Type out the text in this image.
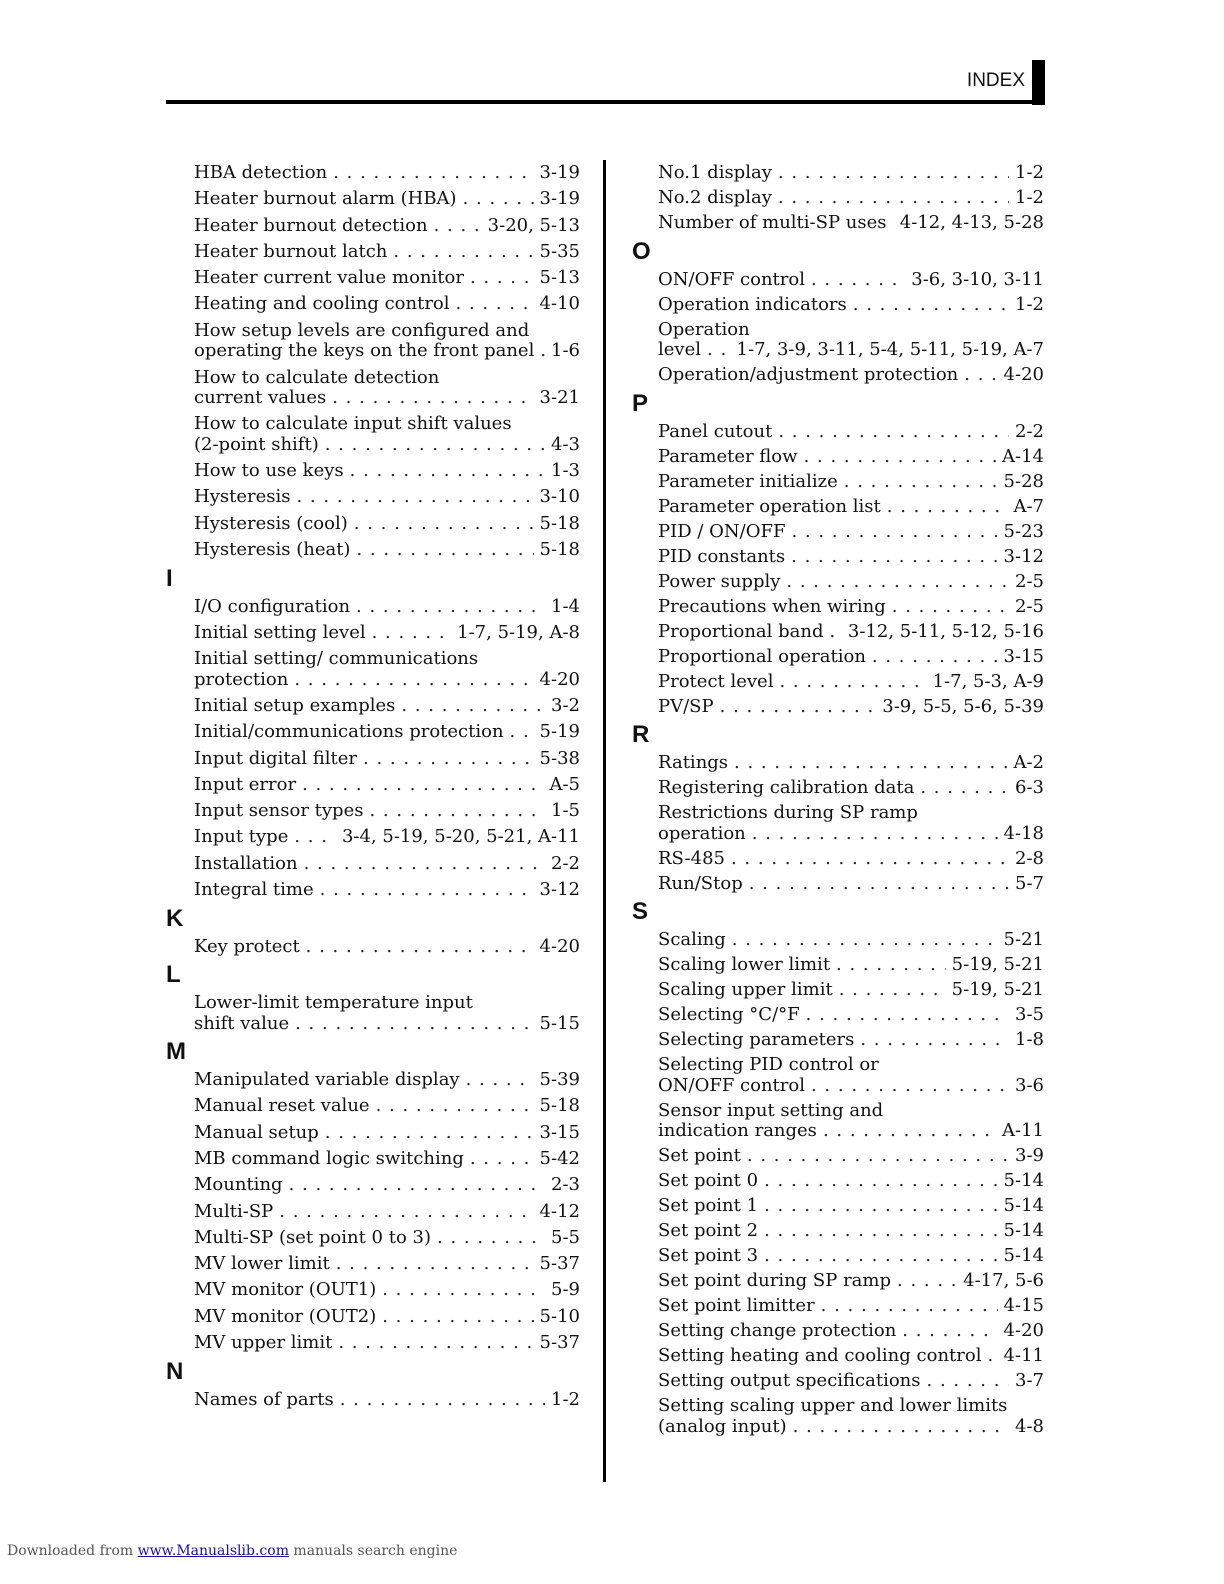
INDEX
HBA detection . . .	3-19
Heater burnout alarm (HBA) . . .	3-19
Heater burnout detection . . .	3-20, 5-13
Heater burnout latch . . .	5-35
Heater current value monitor . . .	5-13
Heating and cooling control . . .	4-10
How setup levels are configured and
operating the keys on the front panel . . . 1-6
How to calculate detection
current values . . .	3-21
How to calculate input shift values
(2-point shift) . . .	4-3
How to use keys . . .	1-3
Hysteresis . . .	3-10
Hysteresis (cool) . . .	5-18
Hysteresis (heat) . . .	5-18
I
I/O configuration . . .	1-4
Initial setting level . . .	1-7, 5-19, A-8
Initial setting/ communications
protection . . .	4-20
Initial setup examples . . .	3-2
Initial/communications protection . . . 5-19
Input digital filter . . .	5-38
Input error . . .	A-5
Input sensor types . . .	1-5
Input type . . .	3-4, 5-19, 5-20, 5-21, A-11
Installation . . .	2-2
Integral time . . .	3-12
K
Key protect . . .	4-20
L
Lower-limit temperature input
shift value . . .	5-15
M
Manipulated variable display . . .	5-39
Manual reset value . . .	5-18
Manual setup . . .	3-15
MB command logic switching . . .	5-42
Mounting . . .	2-3
Multi-SP . . .	4-12
Multi-SP (set point 0 to 3) . . .	5-5
MV lower limit . . .	5-37
MV monitor (OUT1) . . .	5-9
MV monitor (OUT2) . . .	5-10
MV upper limit . . .	5-37
N
Names of parts . . .	1-2
No.1 display . . .	1-2
No.2 display . . .	1-2
Number of multi-SP uses . . . 4-12, 4-13, 5-28
O
ON/OFF control . . .	3-6, 3-10, 3-11
Operation indicators . . .	1-2
Operation
level . . . 1-7, 3-9, 3-11, 5-4, 5-11, 5-19, A-7
Operation/adjustment protection . . .	4-20
P
Panel cutout . . .	2-2
Parameter flow . . .	A-14
Parameter initialize . . .	5-28
Parameter operation list . . .	A-7
PID / ON/OFF . . .	5-23
PID constants . . .	3-12
Power supply . . .	2-5
Precautions when wiring . . .	2-5
Proportional band . . . 3-12, 5-11, 5-12, 5-16
Proportional operation . . .	3-15
Protect level . . .	1-7, 5-3, A-9
PV/SP . . .	3-9, 5-5, 5-6, 5-39
R
Ratings . . .	A-2
Registering calibration data . . .	6-3
Restrictions during SP ramp
operation . . .	4-18
RS-485 . . .	2-8
Run/Stop . . .	5-7
S
Scaling . . .	5-21
Scaling lower limit . . .	5-19, 5-21
Scaling upper limit . . .	5-19, 5-21
Selecting °C/°F . . .	3-5
Selecting parameters . . .	1-8
Selecting PID control or
ON/OFF control . . .	3-6
Sensor input setting and
indication ranges . . .	A-11
Set point . . .	3-9
Set point 0 . . .	5-14
Set point 1 . . .	5-14
Set point 2 . . .	5-14
Set point 3 . . .	5-14
Set point during SP ramp . . .	4-17, 5-6
Set point limitter . . .	4-15
Setting change protection . . .	4-20
Setting heating and cooling control . . . 4-11
Setting output specifications . . .	3-7
Setting scaling upper and lower limits
(analog input) . . .	4-8
Downloaded from www.Manualslib.com manuals search engine
